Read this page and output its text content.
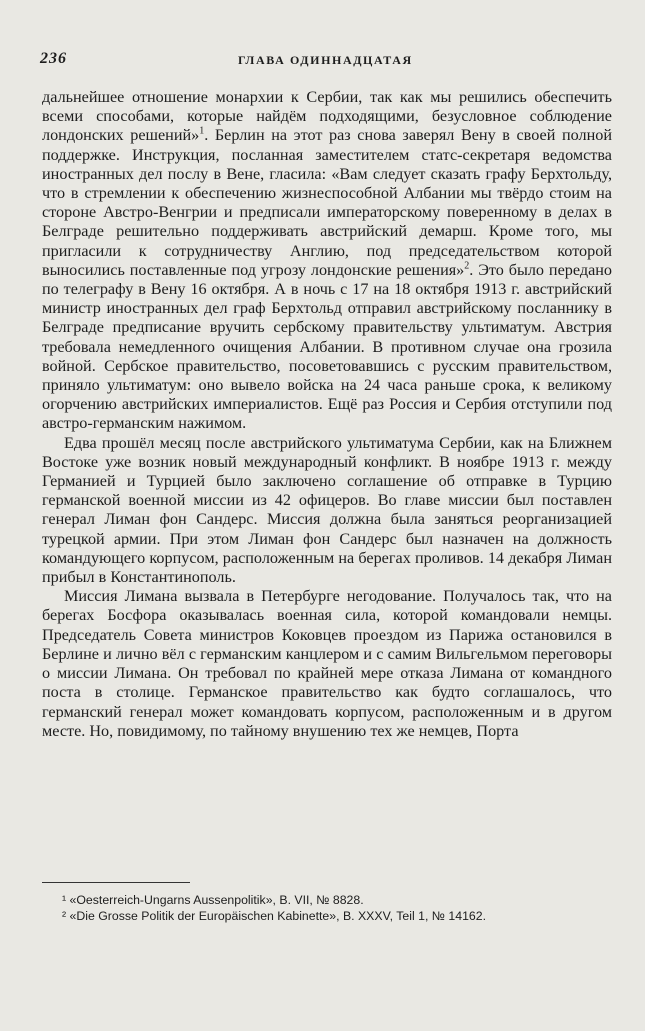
236	ГЛАВА ОДИННАДЦАТАЯ

дальнейшее отношение монархии к Сербии, так как мы решились обеспечить всеми способами, которые найдём подходящими, безусловное соблюдение лондонских решений»$^1$. Берлин на этот раз снова заверял Вену в своей полной поддержке. Инструкция, посланная заместителем статс-секретаря ведомства иностранных дел послу в Вене, гласила: «Вам следует сказать графу Берхтольду, что в стремлении к обеспечению жизнеспособной Албании мы твёрдо стоим на стороне Австро-Венгрии и предписали императорскому поверенному в делах в Белграде решительно поддерживать австрийский демарш. Кроме того, мы пригласили к сотрудничеству Англию, под председательством которой выносились поставленные под угрозу лондонские решения»$^2$. Это было передано по телеграфу в Вену 16 октября. А в ночь с 17 на 18 октября 1913 г. австрийский министр иностранных дел граф Берхтольд отправил австрийскому посланнику в Белграде предписание вручить сербскому правительству ультиматум. Австрия требовала немедленного очищения Албании. В противном случае она грозила войной. Сербское правительство, посоветовавшись с русским правительством, приняло ультиматум: оно вывело войска на 24 часа раньше срока, к великому огорчению австрийских империалистов. Ещё раз Россия и Сербия отступили под австро-германским нажимом.

Едва прошёл месяц после австрийского ультиматума Сербии, как на Ближнем Востоке уже возник новый международный конфликт. В ноябре 1913 г. между Германией и Турцией было заключено соглашение об отправке в Турцию германской военной миссии из 42 офицеров. Во главе миссии был поставлен генерал Лиман фон Сандерс. Миссия должна была заняться реорганизацией турецкой армии. При этом Лиман фон Сандерс был назначен на должность командующего корпусом, расположенным на берегах проливов. 14 декабря Лиман прибыл в Константинополь.

Миссия Лимана вызвала в Петербурге негодование. Получалось так, что на берегах Босфора оказывалась военная сила, которой командовали немцы. Председатель Совета министров Коковцев проездом из Парижа остановился в Берлине и лично вёл с германским канцлером и с самим Вильгельмом переговоры о миссии Лимана. Он требовал по крайней мере отказа Лимана от командного поста в столице. Германское правительство как будто соглашалось, что германский генерал может командовать корпусом, расположенным и в другом месте. Но, повидимому, по тайному внушению тех же немцев, Порта

¹ «Oesterreich-Ungarns Aussenpolitik», B. VII, № 8828.

² «Die Grosse Politik der Europäischen Kabinette», B. XXXV, Teil 1, № 14162.
